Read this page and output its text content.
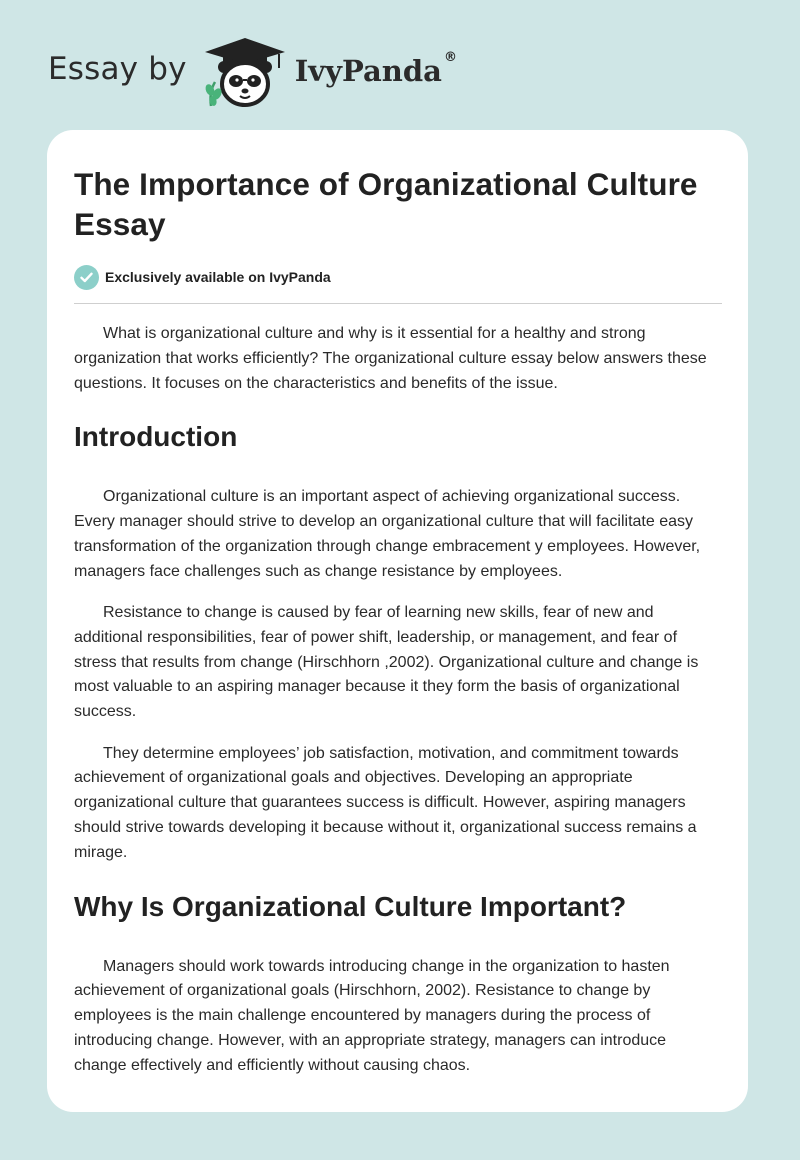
Essay by	IvyPanda ®
The Importance of Organizational Culture Essay
Exclusively available on IvyPanda

What is organizational culture and why is it essential for a healthy and strong organization that works efficiently? The organizational culture essay below answers these questions. It focuses on the characteristics and benefits of the issue.

Introduction

Organizational culture is an important aspect of achieving organizational success. Every manager should strive to develop an organizational culture that will facilitate easy transformation of the organization through change embracement y employees. However, managers face challenges such as change resistance by employees.

Resistance to change is caused by fear of learning new skills, fear of new and additional responsibilities, fear of power shift, leadership, or management, and fear of stress that results from change (Hirschhorn ,2002). Organizational culture and change is most valuable to an aspiring manager because it they form the basis of organizational success.

They determine employees’ job satisfaction, motivation, and commitment towards achievement of organizational goals and objectives. Developing an appropriate organizational culture that guarantees success is difficult. However, aspiring managers should strive towards developing it because without it, organizational success remains a mirage.

Why Is Organizational Culture Important?

Managers should work towards introducing change in the organization to hasten achievement of organizational goals (Hirschhorn, 2002). Resistance to change by employees is the main challenge encountered by managers during the process of introducing change. However, with an appropriate strategy, managers can introduce change effectively and efficiently without causing chaos.
